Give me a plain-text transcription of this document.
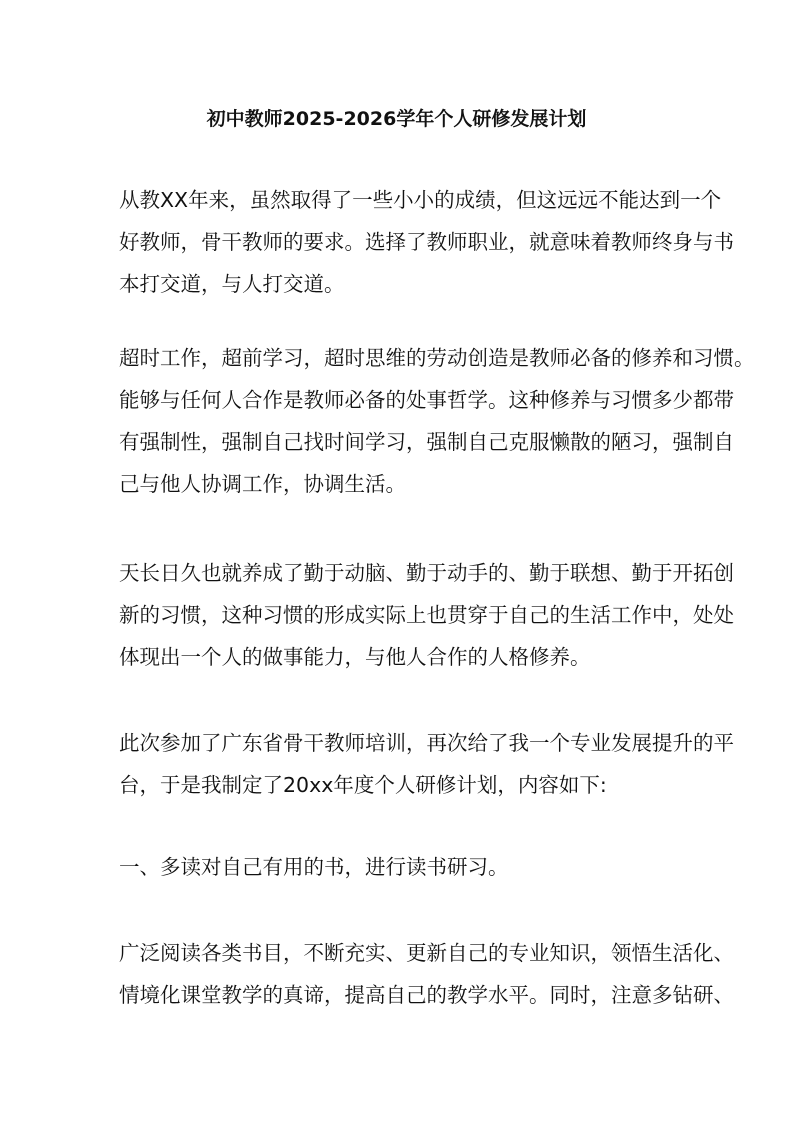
初中教师2025-2026学年个人研修发展计划
从教XX年来，虽然取得了一些小小的成绩，但这远远不能达到一个
好教师，骨干教师的要求。选择了教师职业，就意味着教师终身与书
本打交道，与人打交道。
超时工作，超前学习，超时思维的劳动创造是教师必备的修养和习惯。
能够与任何人合作是教师必备的处事哲学。这种修养与习惯多少都带
有强制性，强制自己找时间学习，强制自己克服懒散的陋习，强制自
己与他人协调工作，协调生活。
天长日久也就养成了勤于动脑、勤于动手的、勤于联想、勤于开拓创
新的习惯，这种习惯的形成实际上也贯穿于自己的生活工作中，处处
体现出一个人的做事能力，与他人合作的人格修养。
此次参加了广东省骨干教师培训，再次给了我一个专业发展提升的平
台，于是我制定了20xx年度个人研修计划，内容如下:
一、多读对自己有用的书，进行读书研习。
广泛阅读各类书目，不断充实、更新自己的专业知识，领悟生活化、
情境化课堂教学的真谛，提高自己的教学水平。同时，注意多钻研、
